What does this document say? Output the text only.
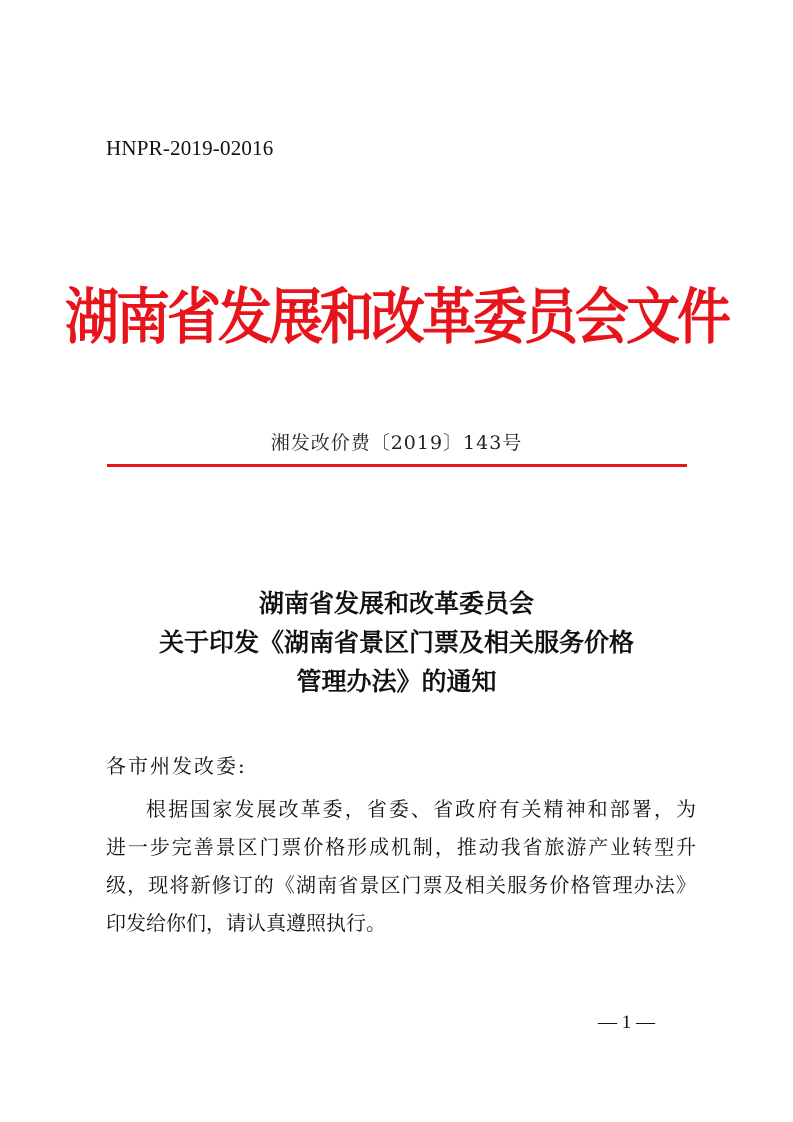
HNPR-2019-02016
湖南省发展和改革委员会文件
湘发改价费〔2019〕143号
湖南省发展和改革委员会
关于印发《湖南省景区门票及相关服务价格
管理办法》的通知
各市州发改委:
根据国家发展改革委，省委、省政府有关精神和部署，为
进一步完善景区门票价格形成机制，推动我省旅游产业转型升
级，现将新修订的《湖南省景区门票及相关服务价格管理办法》
印发给你们，请认真遵照执行。
— 1 —
